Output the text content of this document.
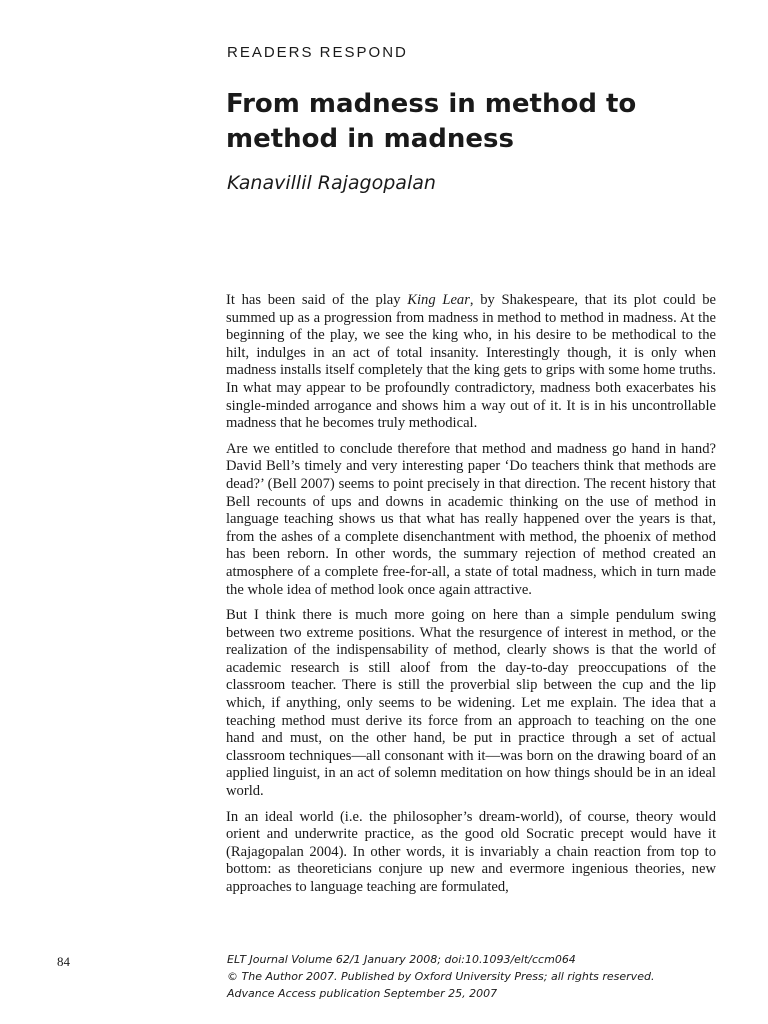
READERS RESPOND
From madness in method to method in madness
Kanavillil Rajagopalan

It has been said of the play King Lear, by Shakespeare, that its plot could be summed up as a progression from madness in method to method in madness. At the beginning of the play, we see the king who, in his desire to be methodical to the hilt, indulges in an act of total insanity. Interestingly though, it is only when madness installs itself completely that the king gets to grips with some home truths. In what may appear to be profoundly contradictory, madness both exacerbates his single-minded arrogance and shows him a way out of it. It is in his uncontrollable madness that he becomes truly methodical.

Are we entitled to conclude therefore that method and madness go hand in hand? David Bell’s timely and very interesting paper ‘Do teachers think that methods are dead?’ (Bell 2007) seems to point precisely in that direction. The recent history that Bell recounts of ups and downs in academic thinking on the use of method in language teaching shows us that what has really happened over the years is that, from the ashes of a complete disenchantment with method, the phoenix of method has been reborn. In other words, the summary rejection of method created an atmosphere of a complete free-for-all, a state of total madness, which in turn made the whole idea of method look once again attractive.

But I think there is much more going on here than a simple pendulum swing between two extreme positions. What the resurgence of interest in method, or the realization of the indispensability of method, clearly shows is that the world of academic research is still aloof from the day-to-day preoccupations of the classroom teacher. There is still the proverbial slip between the cup and the lip which, if anything, only seems to be widening. Let me explain. The idea that a teaching method must derive its force from an approach to teaching on the one hand and must, on the other hand, be put in practice through a set of actual classroom techniques—all consonant with it—was born on the drawing board of an applied linguist, in an act of solemn meditation on how things should be in an ideal world.

In an ideal world (i.e. the philosopher’s dream-world), of course, theory would orient and underwrite practice, as the good old Socratic precept would have it (Rajagopalan 2004). In other words, it is invariably a chain reaction from top to bottom: as theoreticians conjure up new and evermore ingenious theories, new approaches to language teaching are formulated,

84	ELT Journal Volume 62/1 January 2008; doi:10.1093/elt/ccm064
© The Author 2007. Published by Oxford University Press; all rights reserved.
Advance Access publication September 25, 2007
